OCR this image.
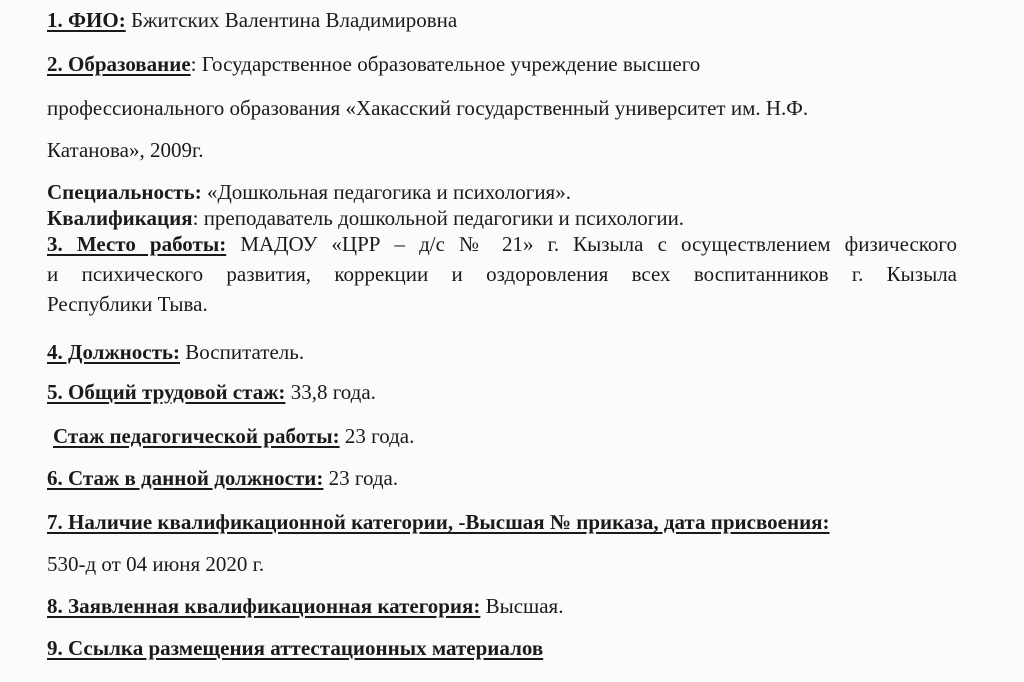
1. ФИО: Бжитских Валентина Владимировна
2. Образование: Государственное образовательное учреждение высшего
профессионального образования «Хакасский государственный университет им. Н.Ф.
Катанова», 2009г.
Специальность: «Дошкольная педагогика и психология».
Квалификация: преподаватель дошкольной педагогики и психологии.
3. Место работы: МАДОУ «ЦРР – д/с № 21» г. Кызыла с осуществлением физического
и психического развития, коррекции и оздоровления всех воспитанников г. Кызыла
Республики Тыва.
4. Должность: Воспитатель.
5. Общий трудовой стаж: 33,8 года.
Стаж педагогической работы: 23 года.
6. Стаж в данной должности: 23 года.
7. Наличие квалификационной категории, -Высшая № приказа, дата присвоения:
530-д от 04 июня 2020 г.
8. Заявленная квалификационная категория: Высшая.
9. Ссылка размещения аттестационных материалов
